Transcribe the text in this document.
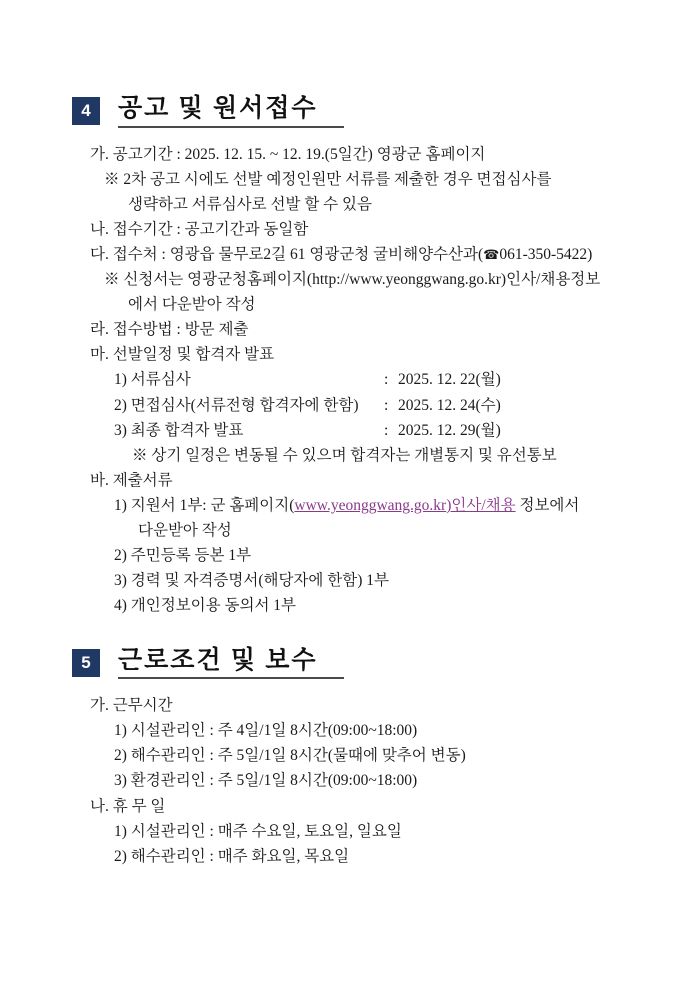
4	공고 및 원서접수
가. 공고기간 : 2025. 12. 15. ~ 12. 19.(5일간) 영광군 홈페이지
※ 2차 공고 시에도 선발 예정인원만 서류를 제출한 경우 면접심사를
생략하고 서류심사로 선발 할 수 있음
나. 접수기간 : 공고기간과 동일함
다. 접수처 : 영광읍 물무로2길 61 영광군청 굴비해양수산과(☎061-350-5422)
※ 신청서는 영광군청홈페이지(http://www.yeonggwang.go.kr)인사/채용정보
에서 다운받아 작성
라. 접수방법 : 방문 제출
마. 선발일정 및 합격자 발표
1) 서류심사	: 2025. 12. 22(월)
2) 면접심사(서류전형 합격자에 한함)	: 2025. 12. 24(수)
3) 최종 합격자 발표	: 2025. 12. 29(월)
※ 상기 일정은 변동될 수 있으며 합격자는 개별통지 및 유선통보
바. 제출서류
1) 지원서 1부: 군 홈페이지(www.yeonggwang.go.kr)인사/채용 정보에서
다운받아 작성
2) 주민등록 등본 1부
3) 경력 및 자격증명서(해당자에 한함) 1부
4) 개인정보이용 동의서 1부
5	근로조건 및 보수
가. 근무시간
1) 시설관리인 : 주 4일/1일 8시간(09:00~18:00)
2) 해수관리인 : 주 5일/1일 8시간(물때에 맞추어 변동)
3) 환경관리인 : 주 5일/1일 8시간(09:00~18:00)
나. 휴 무 일
1) 시설관리인 : 매주 수요일, 토요일, 일요일
2) 해수관리인 : 매주 화요일, 목요일
